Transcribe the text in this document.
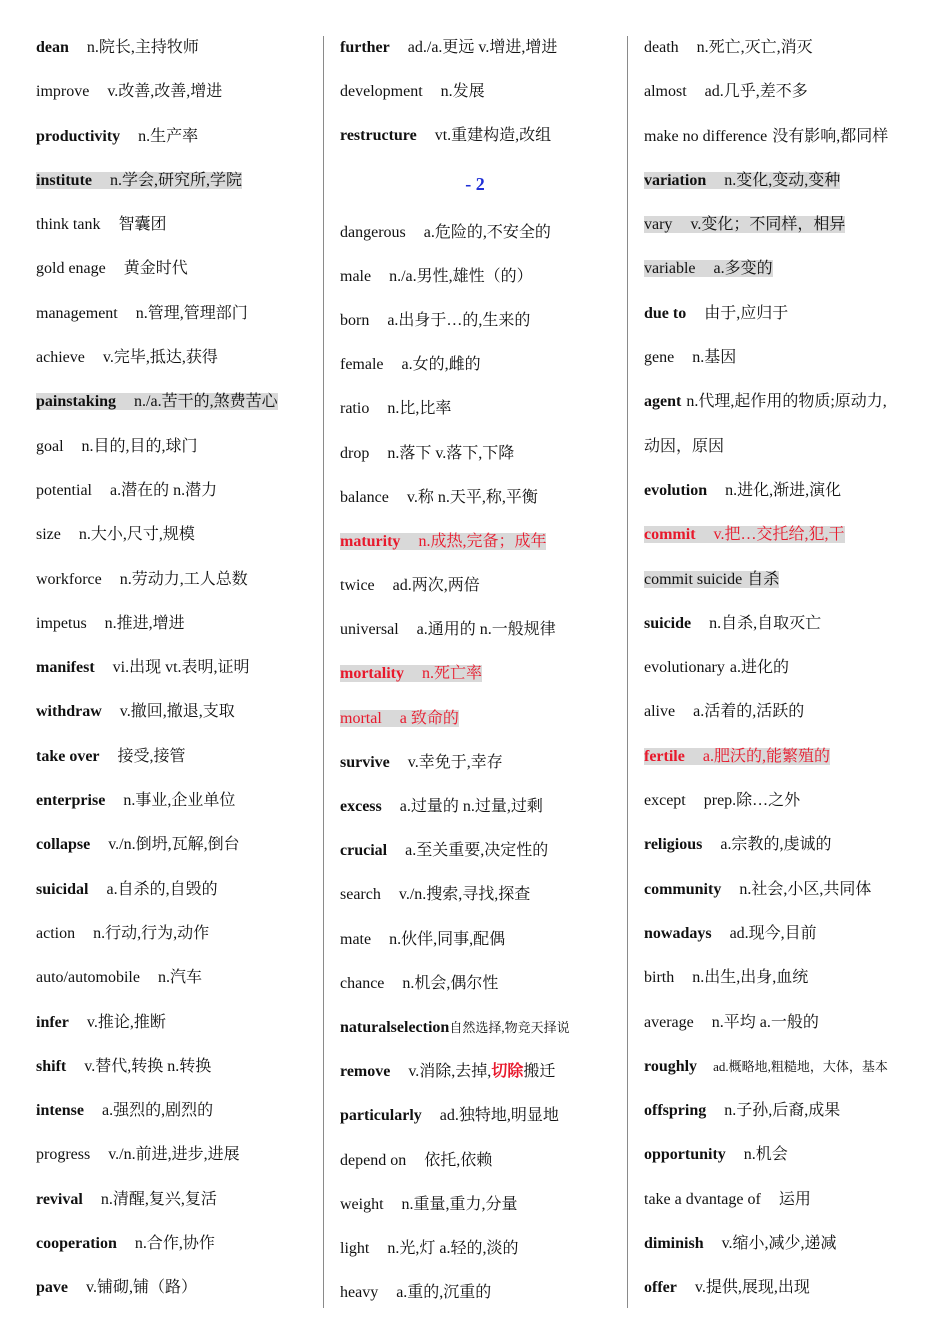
dean n.院长,主持牧师
improve v.改善,改善,增进
productivity n.生产率
institute n.学会,研究所,学院
think tank 智囊团
gold enage 黄金时代
management n.管理,管理部门
achieve v.完毕,抵达,获得
painstaking n./a.苦干的,煞费苦心
goal n.目的,目的,球门
potential a.潜在的 n.潜力
size n.大小,尺寸,规模
workforce n.劳动力,工人总数
impetus n.推进,增进
manifest vi.出现 vt.表明,证明
withdraw v.撤回,撤退,支取
take over 接受,接管
enterprise n.事业,企业单位
collapse v./n.倒坍,瓦解,倒台
suicidal a.自杀的,自毁的
action n.行动,行为,动作
auto/automobile n.汽车
infer v.推论,推断
shift v.替代,转换 n.转换
intense a.强烈的,剧烈的
progress v./n.前进,进步,进展
revival n.清醒,复兴,复活
cooperation n.合作,协作
pave v.铺砌,铺（路）
further ad./a.更远 v.增进,增进
development n.发展
restructure vt.重建构造,改组
- 2
dangerous a.危险的,不安全的
male n./a.男性,雄性（的）
born a.出身于…的,生来的
female a.女的,雌的
ratio n.比,比率
drop n.落下 v.落下,下降
balance v.称 n.天平,称,平衡
maturity n.成热,完备；成年
twice ad.两次,两倍
universal a.通用的 n.一般规律
mortality n.死亡率
mortal a 致命的
survive v.幸免于,幸存
excess a.过量的 n.过量,过剩
crucial a.至关重要,决定性的
search v./n.搜索,寻找,探查
mate n.伙伴,同事,配偶
chance n.机会,偶尔性
naturalselection自然选择,物竞天择说
remove v.消除,去掉,切除搬迁
particularly ad.独特地,明显地
depend on 依托,依赖
weight n.重量,重力,分量
light n.光,灯 a.轻的,淡的
heavy a.重的,沉重的
death n.死亡,灭亡,消灭
almost ad.几乎,差不多
make no difference 没有影响,都同样
variation n.变化,变动,变种
vary v.变化；不同样，相异
variable a.多变的
due to 由于,应归于
gene n.基因
agent n.代理,起作用的物质;原动力,
动因，原因
evolution n.进化,渐进,演化
commit v.把…交托给,犯,干
commit suicide 自杀
suicide n.自杀,自取灭亡
evolutionary a.进化的
alive a.活着的,活跃的
fertile a.肥沃的,能繁殖的
except prep.除…之外
religious a.宗教的,虔诚的
community n.社会,小区,共同体
nowadays ad.现今,目前
birth n.出生,出身,血统
average n.平均 a.一般的
roughly ad.概略地,粗糙地，大体，基本
offspring n.子孙,后裔,成果
opportunity n.机会
take a dvantage of 运用
diminish v.缩小,减少,递减
offer v.提供,展现,出现
